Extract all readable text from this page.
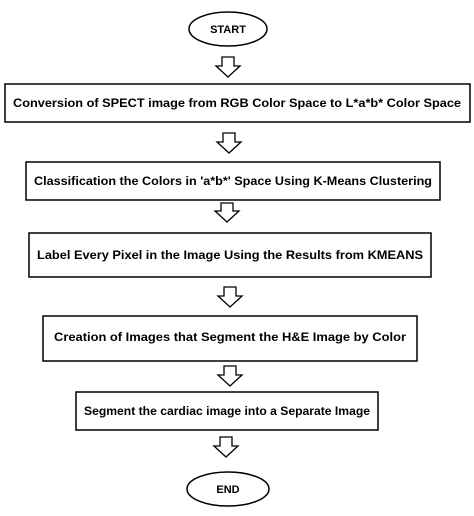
START
Conversion of SPECT image from RGB Color Space to L*a*b* Color Space
Classification the Colors in 'a*b*' Space Using K-Means Clustering
Label Every Pixel in the Image Using the Results from KMEANS
Creation of Images that Segment the H&E Image by Color
Segment the cardiac image into a Separate Image
END
